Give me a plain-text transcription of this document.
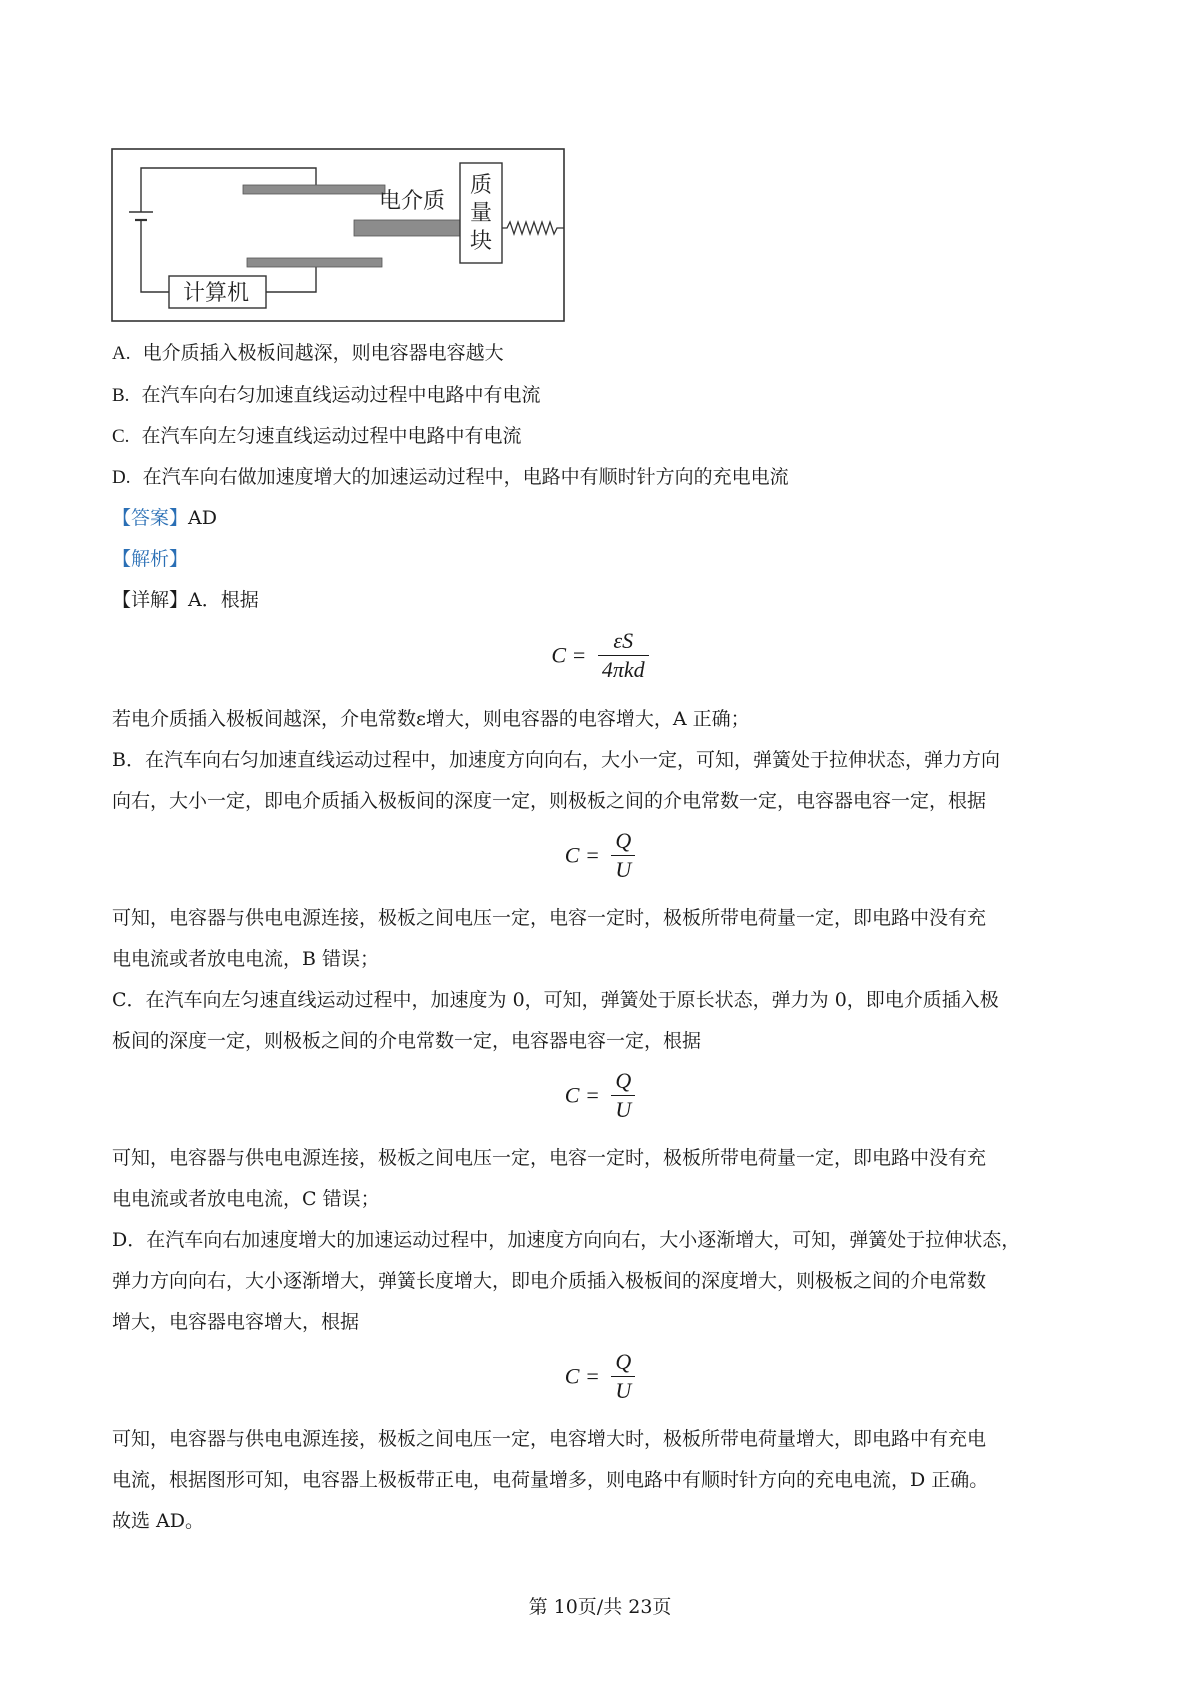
电介质
质
量
块
计算机
A. 电介质插入极板间越深，则电容器电容越大
B. 在汽车向右匀加速直线运动过程中电路中有电流
C. 在汽车向左匀速直线运动过程中电路中有电流
D. 在汽车向右做加速度增大的加速运动过程中，电路中有顺时针方向的充电电流
【答案】AD
【解析】
【详解】A．根据
$C = \frac{\varepsilon S}{\text{4πkd}}$
若电介质插入极板间越深，介电常数ε增大，则电容器的电容增大，A 正确；
B．在汽车向右匀加速直线运动过程中，加速度方向向右，大小一定，可知，弹簧处于拉伸状态，弹力方向
向右，大小一定，即电介质插入极板间的深度一定，则极板之间的介电常数一定，电容器电容一定，根据
$C = \frac{Q}{U}$
可知，电容器与供电电源连接，极板之间电压一定，电容一定时，极板所带电荷量一定，即电路中没有充
电电流或者放电电流，B 错误；
C．在汽车向左匀速直线运动过程中，加速度为 0，可知，弹簧处于原长状态，弹力为 0，即电介质插入极
板间的深度一定，则极板之间的介电常数一定，电容器电容一定，根据
$C = \frac{Q}{U}$
可知，电容器与供电电源连接，极板之间电压一定，电容一定时，极板所带电荷量一定，即电路中没有充
电电流或者放电电流，C 错误；
D．在汽车向右加速度增大的加速运动过程中，加速度方向向右，大小逐渐增大，可知，弹簧处于拉伸状态，
弹力方向向右，大小逐渐增大，弹簧长度增大，即电介质插入极板间的深度增大，则极板之间的介电常数
增大，电容器电容增大，根据
$C = \frac{Q}{U}$
可知，电容器与供电电源连接，极板之间电压一定，电容增大时，极板所带电荷量增大，即电路中有充电
电流，根据图形可知，电容器上极板带正电，电荷量增多，则电路中有顺时针方向的充电电流，D 正确。
故选 AD。
第 10页/共 23页
